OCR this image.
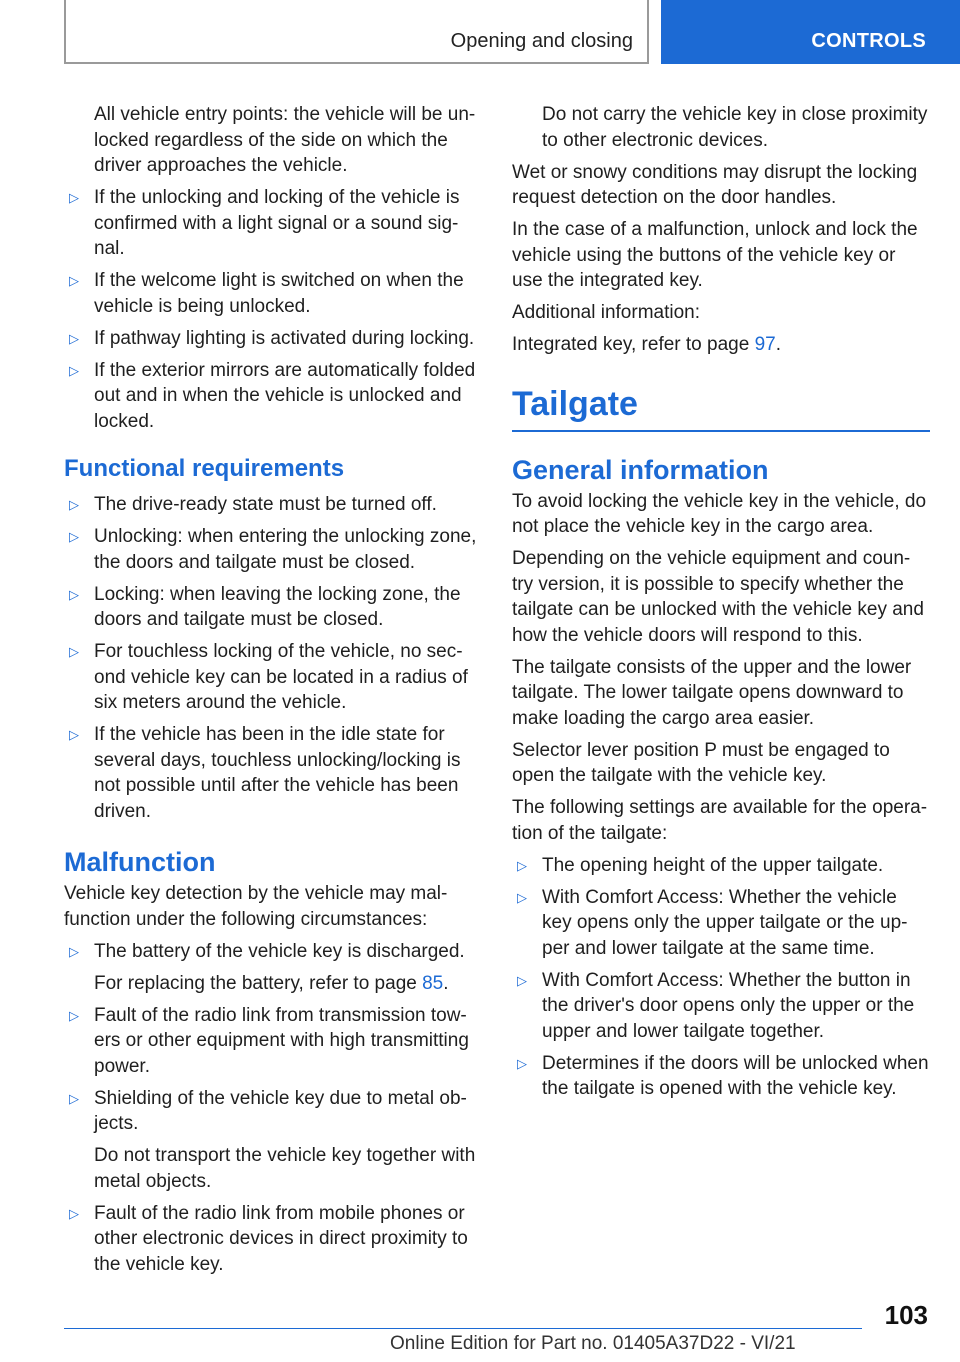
Opening and closing	CONTROLS

All vehicle entry points: the vehicle will be un-locked regardless of the side on which the driver approaches the vehicle.

▷ If the unlocking and locking of the vehicle is confirmed with a light signal or a sound sig-nal.
▷ If the welcome light is switched on when the vehicle is being unlocked.
▷ If pathway lighting is activated during locking.
▷ If the exterior mirrors are automatically folded out and in when the vehicle is unlocked and locked.
Functional requirements
▷ The drive-ready state must be turned off.
▷ Unlocking: when entering the unlocking zone, the doors and tailgate must be closed.
▷ Locking: when leaving the locking zone, the doors and tailgate must be closed.
▷ For touchless locking of the vehicle, no sec-ond vehicle key can be located in a radius of six meters around the vehicle.
▷ If the vehicle has been in the idle state for several days, touchless unlocking/locking is not possible until after the vehicle has been driven.
Malfunction

Vehicle key detection by the vehicle may mal-function under the following circumstances:

▷ The battery of the vehicle key is discharged.

For replacing the battery, refer to page 85.

▷ Fault of the radio link from transmission tow-ers or other equipment with high transmitting power.
▷ Shielding of the vehicle key due to metal ob-jects.

Do not transport the vehicle key together with metal objects.

▷ Fault of the radio link from mobile phones or other electronic devices in direct proximity to the vehicle key.

Do not carry the vehicle key in close proximity to other electronic devices.

Wet or snowy conditions may disrupt the locking request detection on the door handles.

In the case of a malfunction, unlock and lock the vehicle using the buttons of the vehicle key or use the integrated key.

Additional information:

Integrated key, refer to page 97.

Tailgate
General information

To avoid locking the vehicle key in the vehicle, do not place the vehicle key in the cargo area.

Depending on the vehicle equipment and coun-try version, it is possible to specify whether the tailgate can be unlocked with the vehicle key and how the vehicle doors will respond to this.

The tailgate consists of the upper and the lower tailgate. The lower tailgate opens downward to make loading the cargo area easier.

Selector lever position P must be engaged to open the tailgate with the vehicle key.

The following settings are available for the opera-tion of the tailgate:

▷ The opening height of the upper tailgate.
▷ With Comfort Access: Whether the vehicle key opens only the upper tailgate or the up-per and lower tailgate at the same time.
▷ With Comfort Access: Whether the button in the driver's door opens only the upper or the upper and lower tailgate together.
▷ Determines if the doors will be unlocked when the tailgate is opened with the vehicle key.
103
Online Edition for Part no. 01405A37D22 - VI/21
